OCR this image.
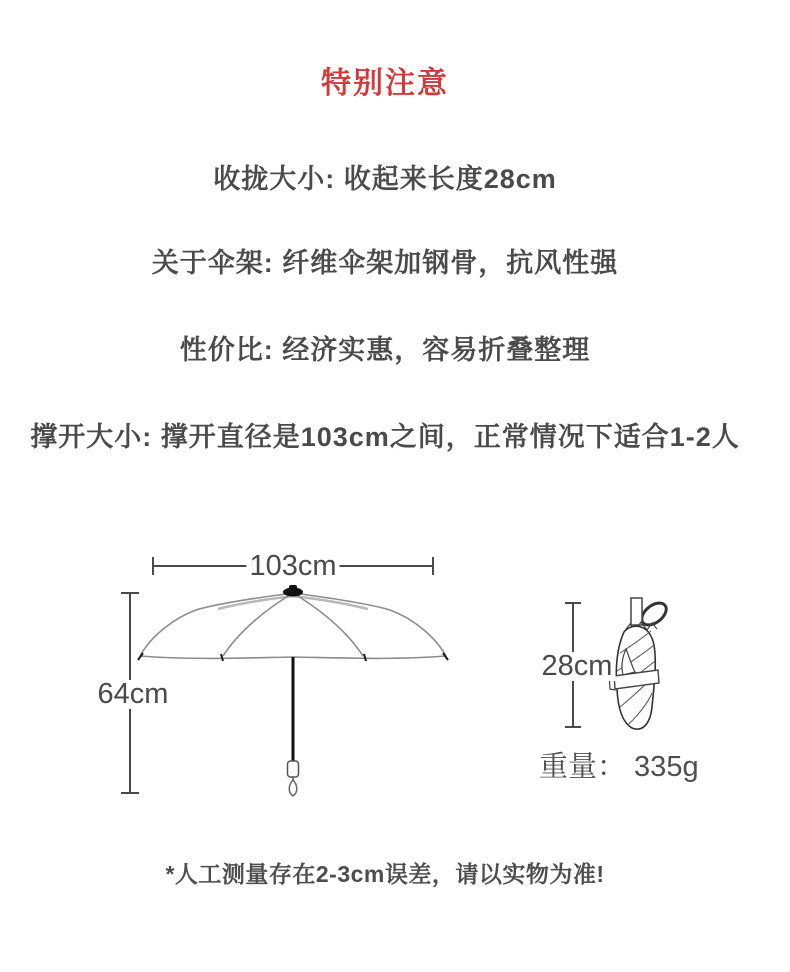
特别注意
收拢大小: 收起来长度28cm
关于伞架: 纤维伞架加钢骨，抗风性强
性价比: 经济实惠，容易折叠整理
撑开大小: 撑开直径是103cm之间，正常情况下适合1-2人
103cm
64cm
28cm
重量： 335g
*人工测量存在2-3cm误差，请以实物为准!
